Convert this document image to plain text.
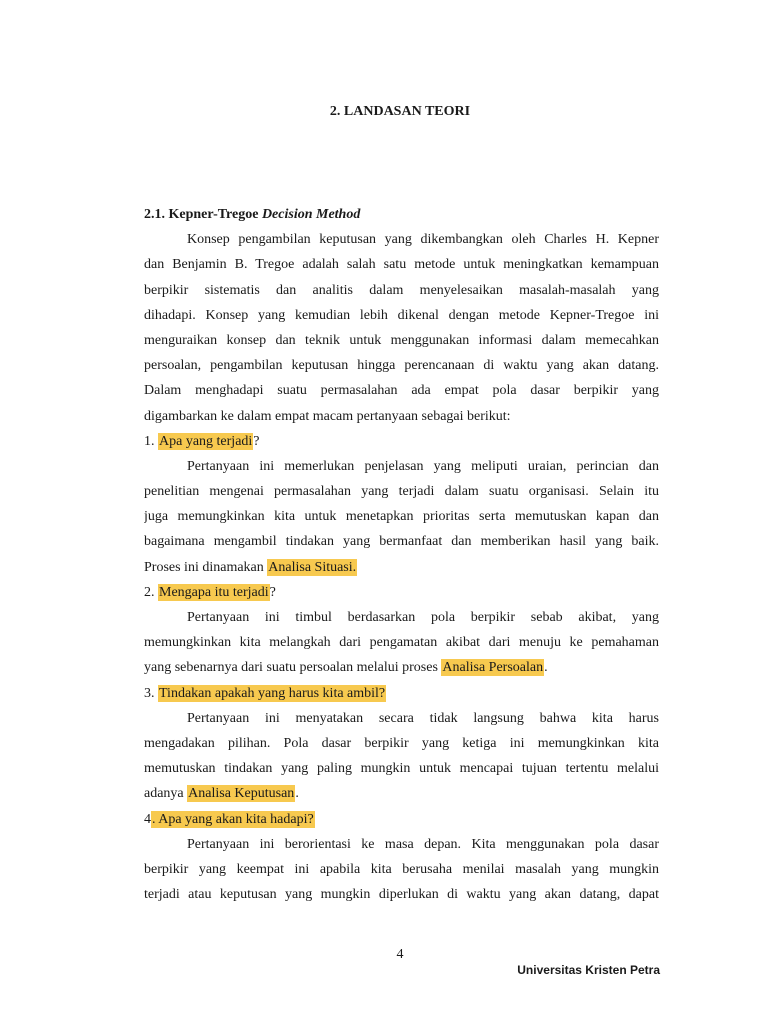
2. LANDASAN TEORI
2.1. Kepner-Tregoe Decision Method
Konsep pengambilan keputusan yang dikembangkan oleh Charles H. Kepner
dan Benjamin B. Tregoe adalah salah satu metode untuk meningkatkan kemampuan
berpikir sistematis dan analitis dalam menyelesaikan masalah-masalah yang
dihadapi. Konsep yang kemudian lebih dikenal dengan metode Kepner-Tregoe ini
menguraikan konsep dan teknik untuk menggunakan informasi dalam memecahkan
persoalan, pengambilan keputusan hingga perencanaan di waktu yang akan datang.
Dalam menghadapi suatu permasalahan ada empat pola dasar berpikir yang
digambarkan ke dalam empat macam pertanyaan sebagai berikut:
1. Apa yang terjadi?
Pertanyaan ini memerlukan penjelasan yang meliputi uraian, perincian dan
penelitian mengenai permasalahan yang terjadi dalam suatu organisasi. Selain itu
juga memungkinkan kita untuk menetapkan prioritas serta memutuskan kapan dan
bagaimana mengambil tindakan yang bermanfaat dan memberikan hasil yang baik.
Proses ini dinamakan Analisa Situasi.
2. Mengapa itu terjadi?
Pertanyaan ini timbul berdasarkan pola berpikir sebab akibat, yang
memungkinkan kita melangkah dari pengamatan akibat dari menuju ke pemahaman
yang sebenarnya dari suatu persoalan melalui proses Analisa Persoalan.
3. Tindakan apakah yang harus kita ambil?
Pertanyaan ini menyatakan secara tidak langsung bahwa kita harus
mengadakan pilihan. Pola dasar berpikir yang ketiga ini memungkinkan kita
memutuskan tindakan yang paling mungkin untuk mencapai tujuan tertentu melalui
adanya Analisa Keputusan.
4. Apa yang akan kita hadapi?
Pertanyaan ini berorientasi ke masa depan. Kita menggunakan pola dasar
berpikir yang keempat ini apabila kita berusaha menilai masalah yang mungkin
terjadi atau keputusan yang mungkin diperlukan di waktu yang akan datang, dapat
4
Universitas Kristen Petra
